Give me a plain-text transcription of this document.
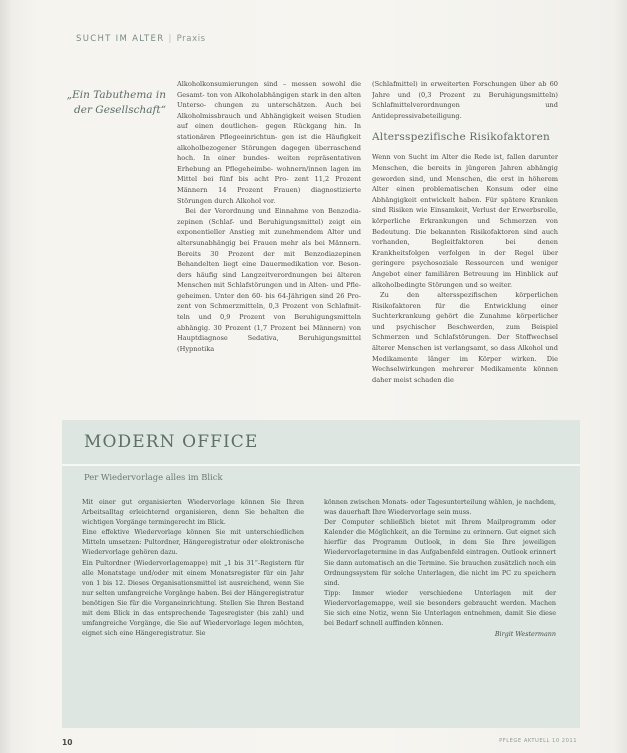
SUCHT IM ALTER | Praxis
„Ein Tabuthema in der Gesellschaft“

Alkoholkonsumierungen sind – messen sowohl die Gesamt- ton von Alkoholabhängigen stark in den alten Unterso- chungen zu unterschätzen. Auch bei Alkoholmissbrauch und Abhängigkeit weisen Studien auf einen deutlichen- gegen Rückgang hin. In stationären Pflegeeinrichtun- gen ist die Häufigkeit alkoholbezogener Störungen dagegen überraschend hoch. In einer bundes- weiten repräsentativen Erhebung an Pflegeheimbe- wohnern/innen lagen im Mittel bei fünf bis acht Pro- zent 11,2 Prozent Männern 14 Prozent Frauen) diagnostizierte Störungen durch Alkohol vor.

Bei der Verordnung und Einnahme von Benzodia- zepinen (Schlaf- und Beruhigungsmittel) zeigt ein exponentieller Anstieg mit zunehmendem Alter und altersunabhängig bei Frauen mehr als bei Männern. Bereits 30 Prozent der mit Benzodiazepinen Behandelten liegt eine Dauermedikation vor. Beson- ders häufig sind Langzeitverordnungen bei älteren Menschen mit Schlafstörungen und in Alten- und Pfle- geheimen. Unter den 60- bis 64-Jährigen sind 26 Pro- zent von Schmerzmitteln, 0,3 Prozent von Schlafmit- teln und 0,9 Prozent von Beruhigungsmitteln abhängig. 30 Prozent (1,7 Prozent bei Männern) von Hauptdiagnose Sedativa, Beruhigungsmittel (Hypnotika

(Schlafmittel) in erweiterten Forschungen über ab 60 Jahre und (0,3 Prozent zu Beruhigungsmitteln) Schlafmittelverordnungen und Antidepressivabeteiligung.

Altersspezifische Risikofaktoren

Wenn von Sucht im Alter die Rede ist, fallen darunter Menschen, die bereits in jüngeren Jahren abhängig geworden sind, und Menschen, die erst in höherem Alter einen problematischen Konsum oder eine Abhängigkeit entwickelt haben. Für spätere Kranken sind Risiken wie Einsamkeit, Verlust der Erwerbsrolle, körperliche Erkrankungen und Schmerzen von Bedeutung. Die bekannten Risikofaktoren sind auch vorhanden, Begleitfaktoren bei denen Krankheitsfolgen verfolgen in der Regel über geringere psychosoziale Ressourcen und weniger Angebot einer familiären Betreuung im Hinblick auf alkoholbedingte Störungen und so weiter.

Zu den altersspezifischen körperlichen Risikofaktoren für die Entwicklung einer Suchterkrankung gehört die Zunahme körperlicher und psychischer Beschwerden, zum Beispiel Schmerzen und Schlafstörungen. Der Stoffwechsel älterer Menschen ist verlangsamt, so dass Alkohol und Medikamente länger im Körper wirken. Die Wechselwirkungen mehrerer Medikamente können daher meist schaden die

MODERN OFFICE
Per Wiedervorlage alles im Blick

Mit einer gut organisierten Wiedervorlage können Sie Ihren Arbeitsalltag erleichternd organisieren, denn Sie behalten die wichtigen Vorgänge termingerecht im Blick.

Eine effektive Wiedervorlage können Sie mit unterschiedlichen Mitteln umsetzen: Pultordner, Hängeregistratur oder elektronische Wiedervorlage gehören dazu.

Ein Pultordner (Wiedervorlagemappe) mit „1 bis 31“-Registern für alle Monatstage und/oder mit einem Monatsregister für ein Jahr von 1 bis 12. Dieses Organisationsmittel ist ausreichend, wenn Sie nur selten umfangreiche Vorgänge haben. Bei der Hängeregistratur benötigen Sie für die Vorganeinrichtung. Stellen Sie Ihren Bestand mit dem Blick in das entsprechende Tagesregister (bis zahl) und umfangreiche Vorgänge, die Sie auf Wiedervorlage legen möchten, eignet sich eine Hängeregistratur. Sie

können zwischen Monats- oder Tagesunterteilung wählen, je nachdem, was dauerhaft Ihre Wiedervorlage sein muss.

Der Computer schließlich bietet mit Ihrem Mailprogramm oder Kalender die Möglichkeit, an die Termine zu erinnern. Gut eignet sich hierfür das Programm Outlook, in dem Sie Ihre jeweiligen Wiedervorlagetermine in das Aufgabenfeld eintragen. Outlook erinnert Sie dann automatisch an die Termine. Sie brauchen zusätzlich noch ein Ordnungssystem für solche Unterlagen, die nicht im PC zu speichern sind.

Tipp: Immer wieder verschiedene Unterlagen mit der Wiedervorlagemappe, weil sie besonders gebraucht werden. Machen Sie sich eine Notiz, wenn Sie Unterlagen entnehmen, damit Sie diese bei Bedarf schnell auffinden können.

Birgit Westermann
10	PFLEGE AKTUELL 10 2011
